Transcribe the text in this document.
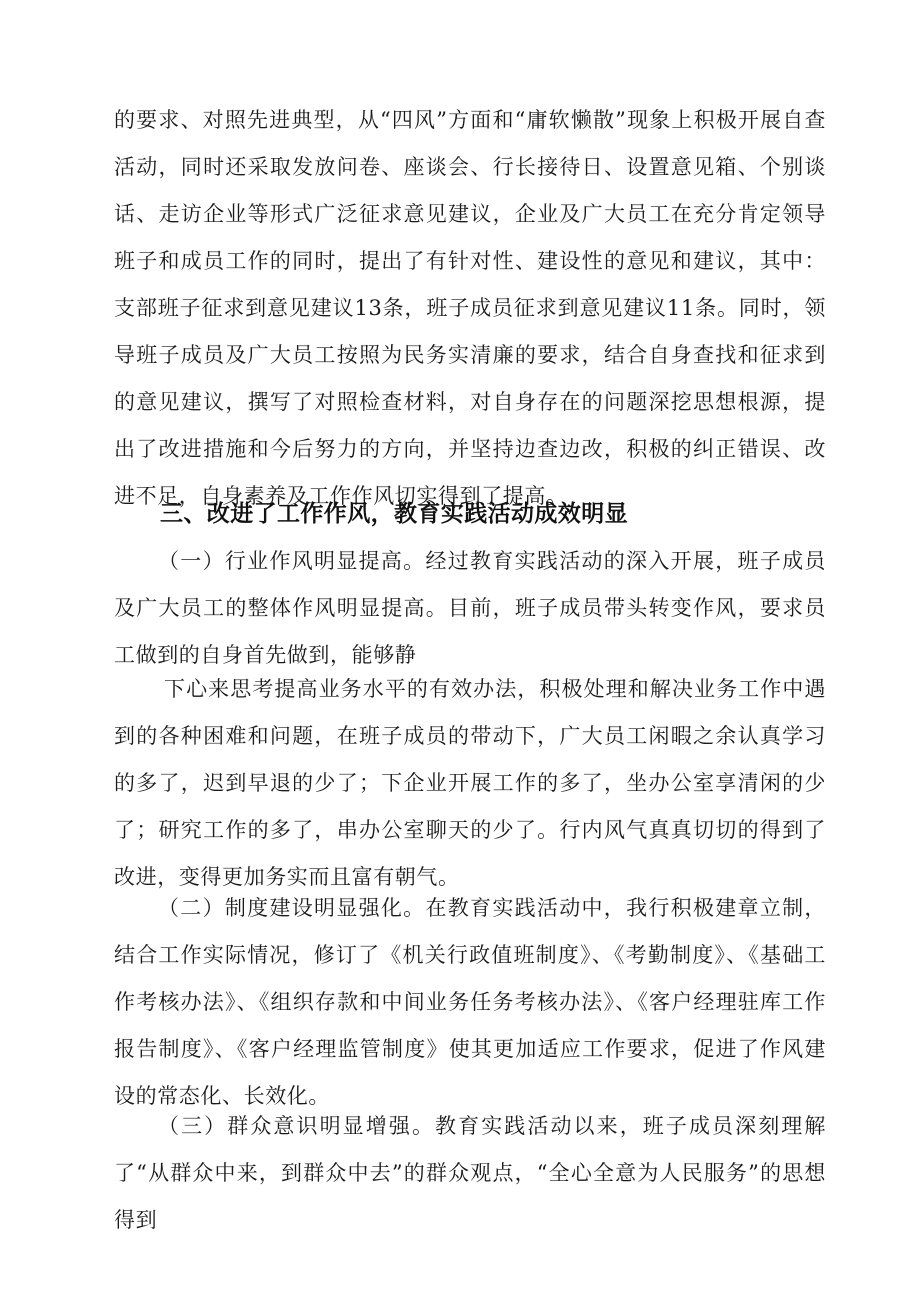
的要求、对照先进典型，从“四风”方面和“庸软懒散”现象上积极开展自查活动，同时还采取发放问卷、座谈会、行长接待日、设置意见箱、个别谈话、走访企业等形式广泛征求意见建议，企业及广大员工在充分肯定领导班子和成员工作的同时，提出了有针对性、建设性的意见和建议，其中：支部班子征求到意见建议13条，班子成员征求到意见建议11条。同时，领导班子成员及广大员工按照为民务实清廉的要求，结合自身查找和征求到的意见建议，撰写了对照检查材料，对自身存在的问题深挖思想根源，提出了改进措施和今后努力的方向，并坚持边查边改，积极的纠正错误、改进不足，自身素养及工作作风切实得到了提高。

三、改进了工作作风，教育实践活动成效明显

（一）行业作风明显提高。经过教育实践活动的深入开展，班子成员及广大员工的整体作风明显提高。目前，班子成员带头转变作风，要求员工做到的自身首先做到，能够静

下心来思考提高业务水平的有效办法，积极处理和解决业务工作中遇到的各种困难和问题，在班子成员的带动下，广大员工闲暇之余认真学习的多了，迟到早退的少了；下企业开展工作的多了，坐办公室享清闲的少了；研究工作的多了，串办公室聊天的少了。行内风气真真切切的得到了改进，变得更加务实而且富有朝气。

（二）制度建设明显强化。在教育实践活动中，我行积极建章立制，结合工作实际情况，修订了《机关行政值班制度》、《考勤制度》、《基础工作考核办法》、《组织存款和中间业务任务考核办法》、《客户经理驻库工作报告制度》、《客户经理监管制度》使其更加适应工作要求，促进了作风建设的常态化、长效化。

（三）群众意识明显增强。教育实践活动以来，班子成员深刻理解了“从群众中来，到群众中去”的群众观点，“全心全意为人民服务”的思想得到
